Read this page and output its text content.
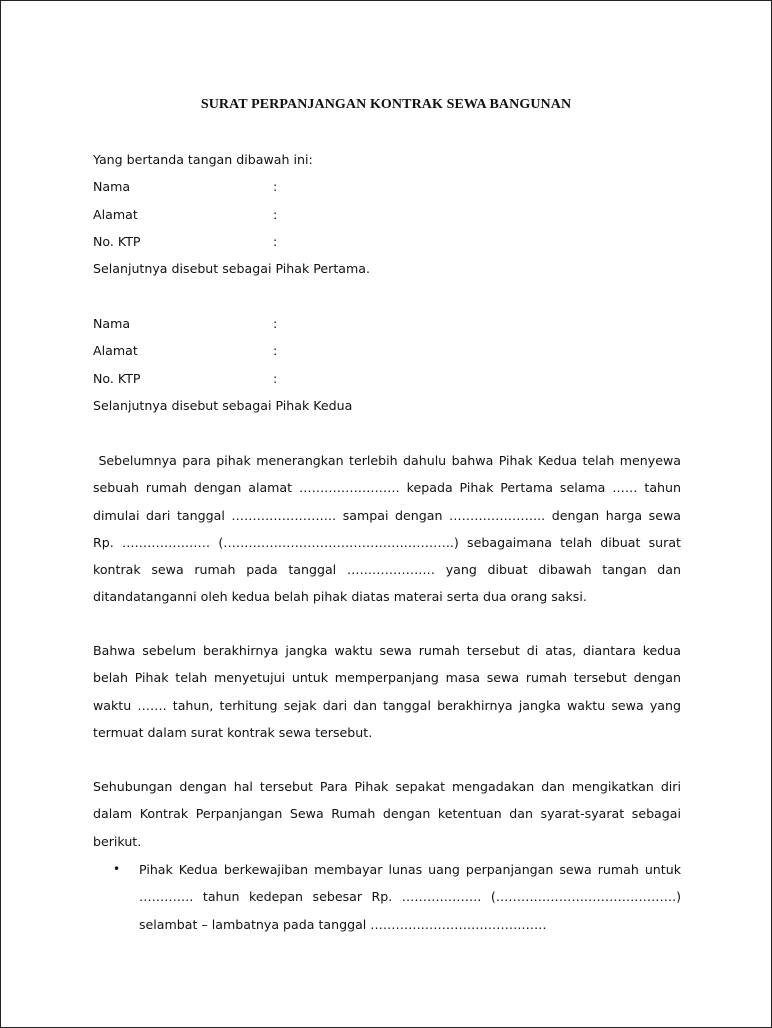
SURAT PERPANJANGAN KONTRAK SEWA BANGUNAN
Yang bertanda tangan dibawah ini:
Nama	:
Alamat	:
No. KTP	:
Selanjutnya disebut sebagai Pihak Pertama.
Nama	:
Alamat	:
No. KTP	:
Selanjutnya disebut sebagai Pihak Kedua
Sebelumnya para pihak menerangkan terlebih dahulu bahwa Pihak Kedua telah menyewa sebuah rumah dengan alamat …………………… kepada Pihak Pertama selama …… tahun dimulai dari tanggal ……………………. sampai dengan ………………….. dengan harga sewa Rp. ………………… (……………………………………………….) sebagaimana telah dibuat surat kontrak sewa rumah pada tanggal ………………… yang dibuat dibawah tangan dan ditandatanganni oleh kedua belah pihak diatas materai serta dua orang saksi.
Bahwa sebelum berakhirnya jangka waktu sewa rumah tersebut di atas, diantara kedua belah Pihak telah menyetujui untuk memperpanjang masa sewa rumah tersebut dengan waktu ……. tahun, terhitung sejak dari dan tanggal berakhirnya jangka waktu sewa yang termuat dalam surat kontrak sewa tersebut.
Sehubungan dengan hal tersebut Para Pihak sepakat mengadakan dan mengikatkan diri dalam Kontrak Perpanjangan Sewa Rumah dengan ketentuan dan syarat-syarat sebagai berikut.
• Pihak Kedua berkewajiban membayar lunas uang perpanjangan sewa rumah untuk …………. tahun kedepan sebesar Rp. ………………. (…………………………………….) selambat – lambatnya pada tanggal ……………………………………
